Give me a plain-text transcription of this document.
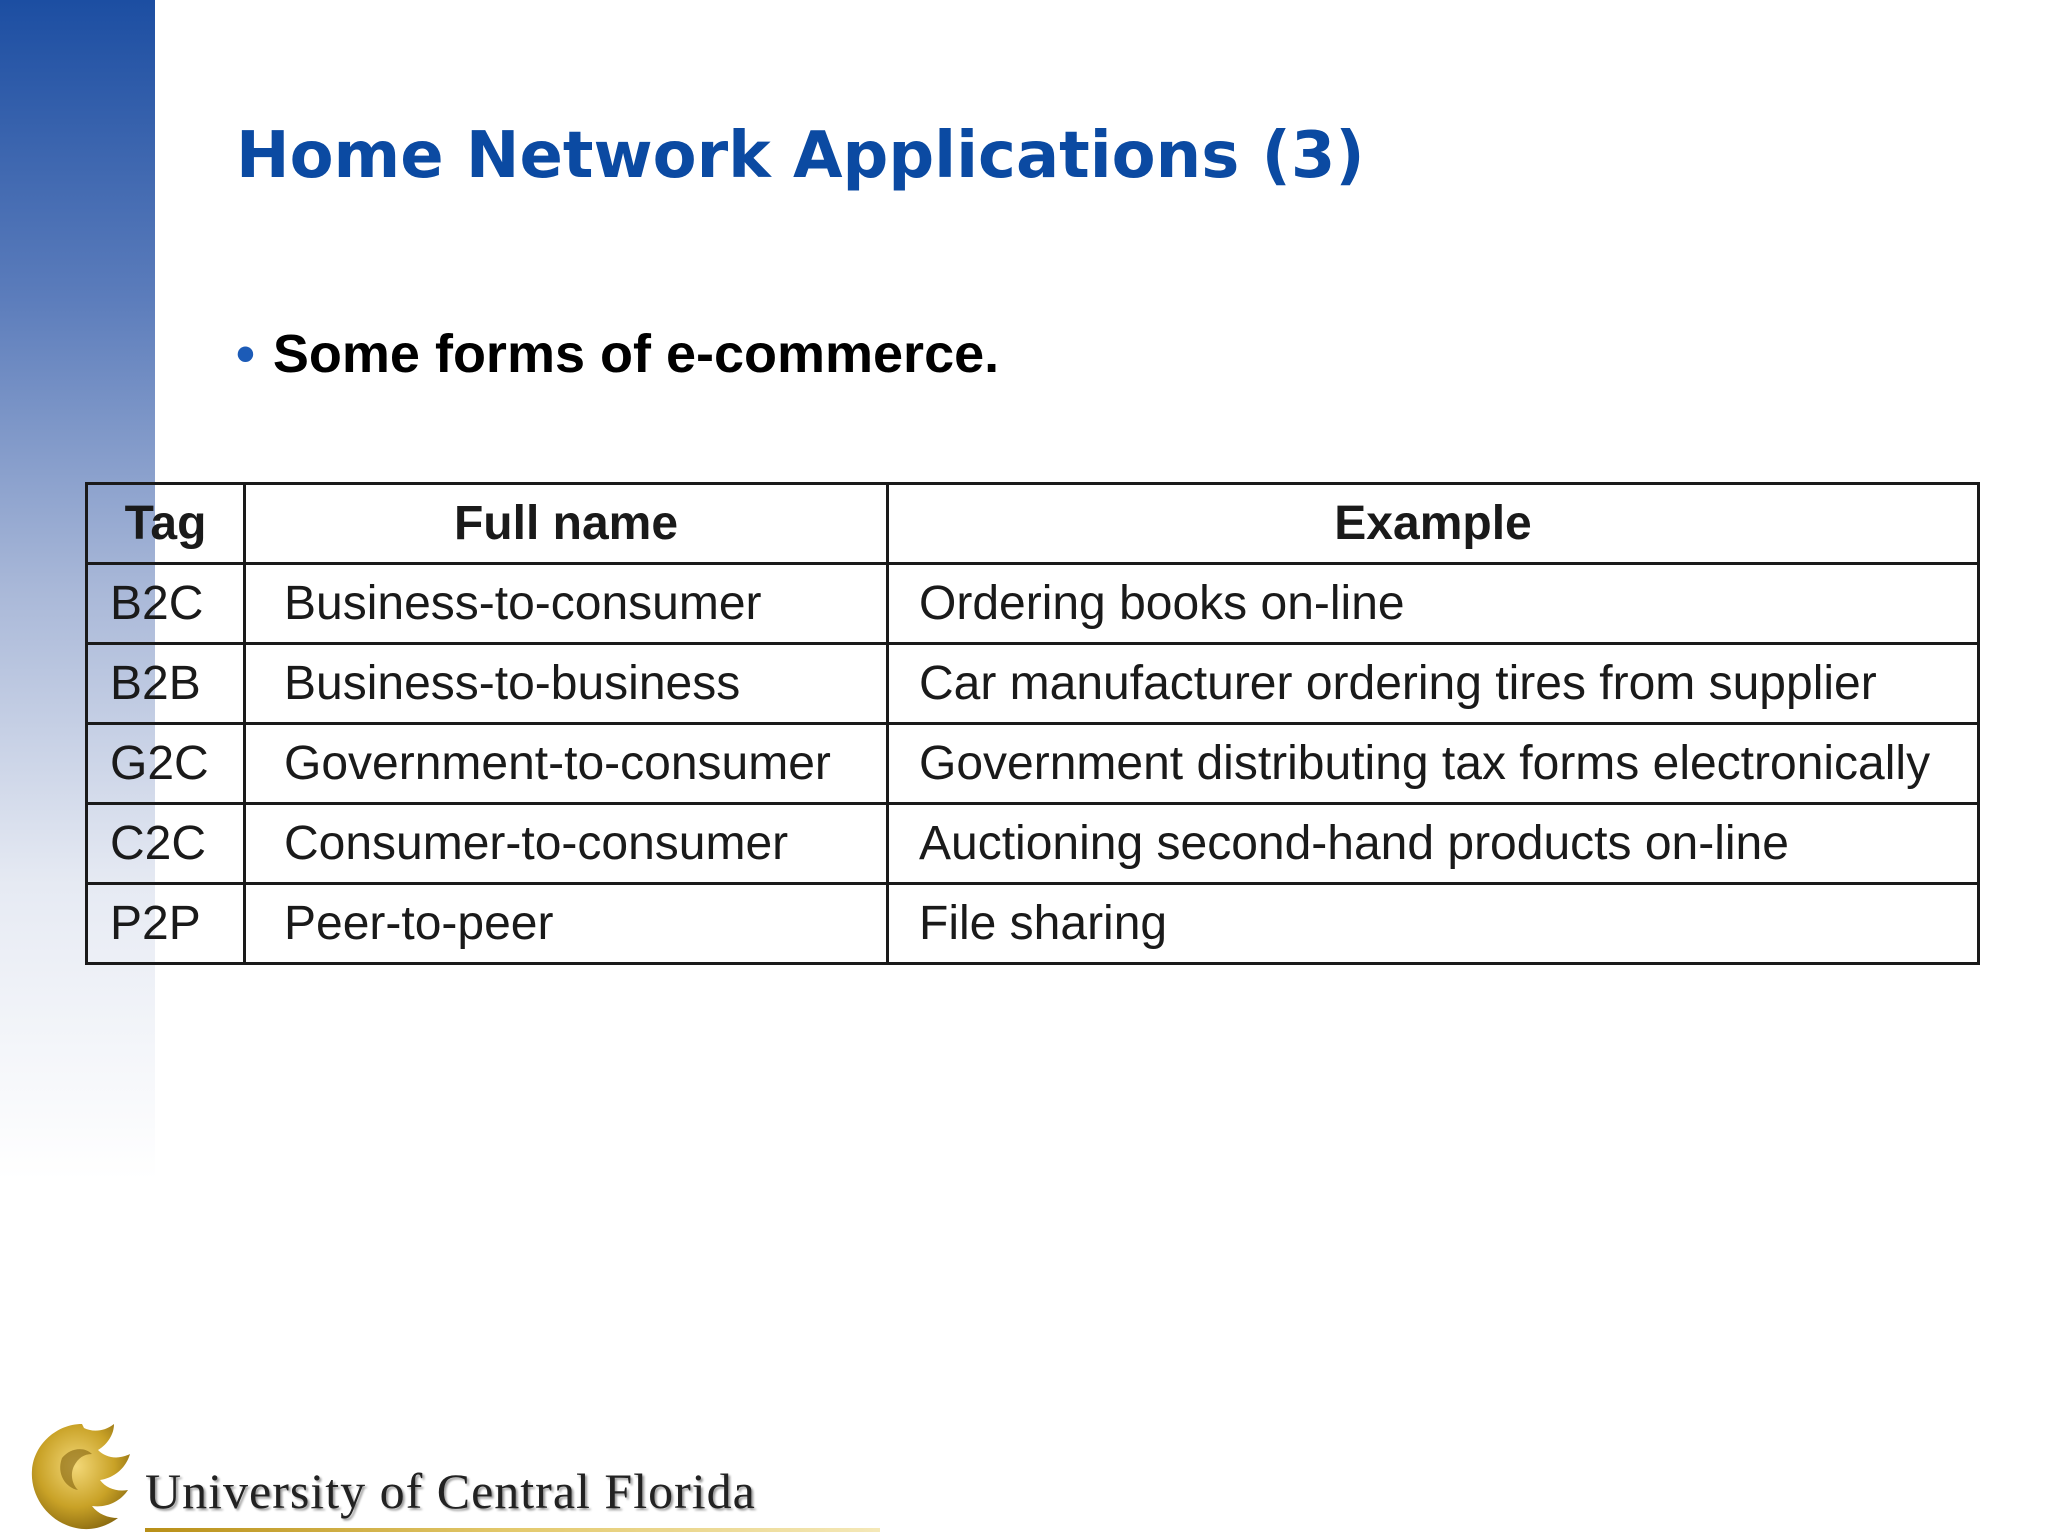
Home Network Applications (3)
• Some forms of e-commerce.
Tag	Full name	Example
B2C	Business-to-consumer	Ordering books on-line
B2B	Business-to-business	Car manufacturer ordering tires from supplier
G2C	Government-to-consumer	Government distributing tax forms electronically
C2C	Consumer-to-consumer	Auctioning second-hand products on-line
P2P	Peer-to-peer	File sharing
University of Central Florida
